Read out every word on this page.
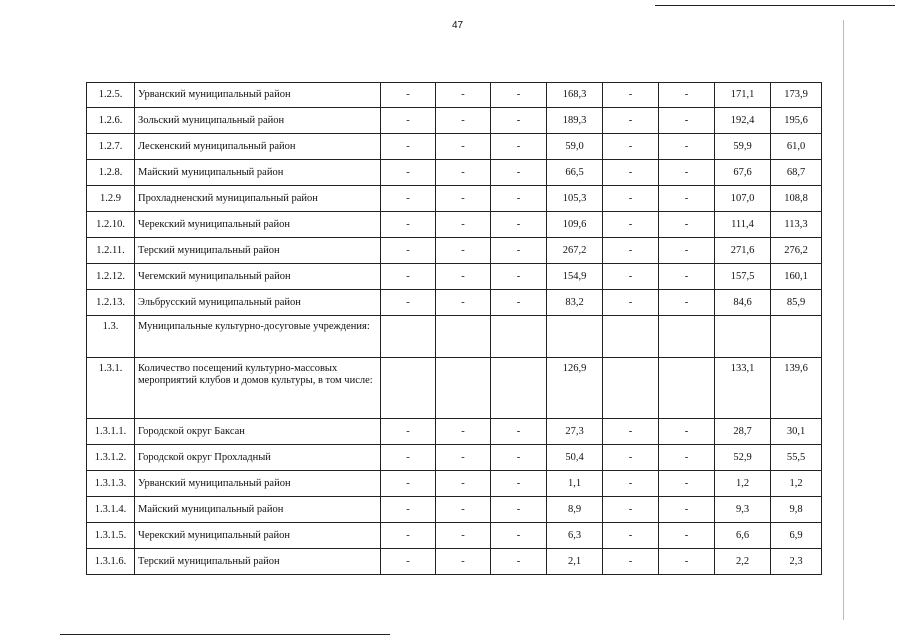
47
1.2.5.	Урванский муниципальный район	-	-	-	168,3	-	-	171,1	173,9
1.2.6.	Зольский муниципальный район	-	-	-	189,3	-	-	192,4	195,6
1.2.7.	Лескенский муниципальный район	-	-	-	59,0	-	-	59,9	61,0
1.2.8.	Майский муниципальный район	-	-	-	66,5	-	-	67,6	68,7
1.2.9	Прохладненский муниципальный район	-	-	-	105,3	-	-	107,0	108,8
1.2.10.	Черекский муниципальный район	-	-	-	109,6	-	-	111,4	113,3
1.2.11.	Терский муниципальный район	-	-	-	267,2	-	-	271,6	276,2
1.2.12.	Чегемский муниципальный район	-	-	-	154,9	-	-	157,5	160,1
1.2.13.	Эльбрусский муниципальный район	-	-	-	83,2	-	-	84,6	85,9
1.3.	Муниципальные культурно-досуговые учреждения:								
1.3.1.	Количество посещений культурно-массовых мероприятий клубов и домов культуры, в том числе:				126,9			133,1	139,6
1.3.1.1.	Городской округ Баксан	-	-	-	27,3	-	-	28,7	30,1
1.3.1.2.	Городской округ Прохладный	-	-	-	50,4	-	-	52,9	55,5
1.3.1.3.	Урванский муниципальный район	-	-	-	1,1	-	-	1,2	1,2
1.3.1.4.	Майский муниципальный район	-	-	-	8,9	-	-	9,3	9,8
1.3.1.5.	Черекский муниципальный район	-	-	-	6,3	-	-	6,6	6,9
1.3.1.6.	Терский муниципальный район	-	-	-	2,1	-	-	2,2	2,3
